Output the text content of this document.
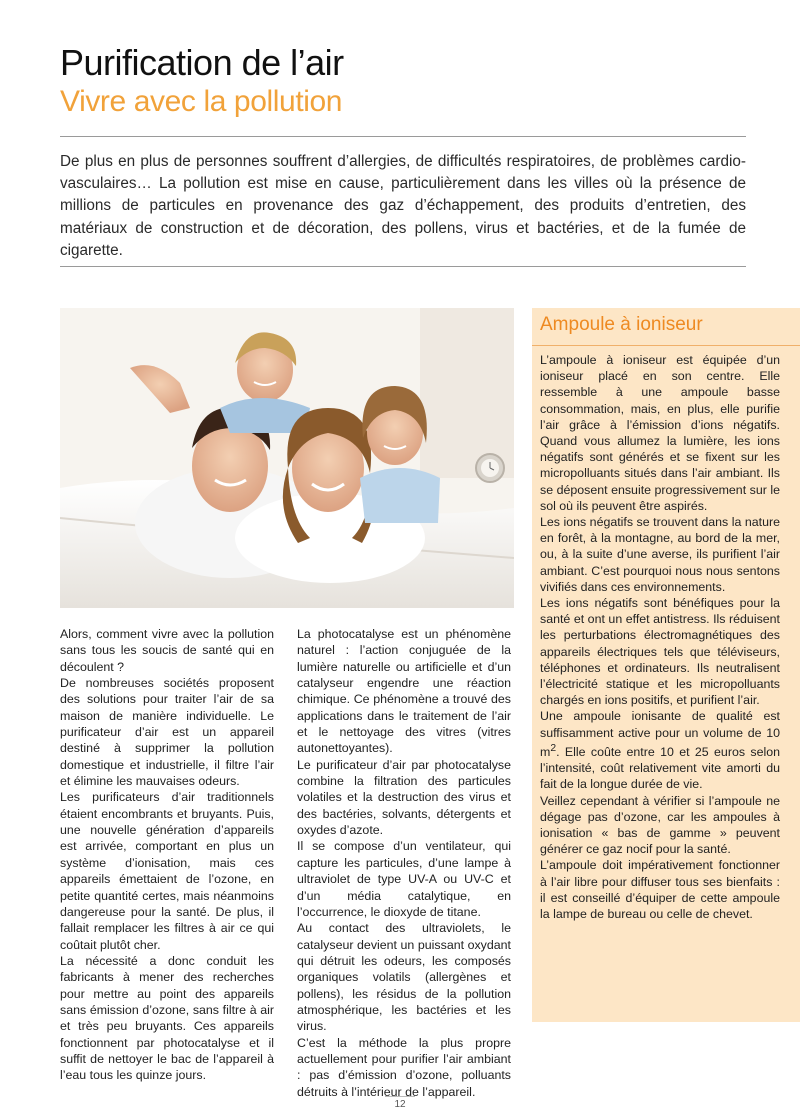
Purification de l’air
Vivre avec la pollution

De plus en plus de personnes souffrent d’allergies, de difficultés respiratoires, de problèmes cardio-vasculaires… La pollution est mise en cause, particulièrement dans les villes où la présence de millions de particules en provenance des gaz d’échappement, des produits d’entretien, des matériaux de construction et de décoration, des pollens, virus et bactéries, et de la fumée de cigarette.

Alors, comment vivre avec la pollution sans tous les soucis de santé qui en découlent ?

De nombreuses sociétés proposent des solutions pour traiter l’air de sa maison de manière individuelle. Le purificateur d’air est un appareil destiné à supprimer la pollution domestique et industrielle, il filtre l’air et élimine les mauvaises odeurs.

Les purificateurs d’air traditionnels étaient encombrants et bruyants. Puis, une nouvelle génération d’appareils est arrivée, comportant en plus un système d’ionisation, mais ces appareils émettaient de l’ozone, en petite quantité certes, mais néanmoins dangereuse pour la santé. De plus, il fallait remplacer les filtres à air ce qui coûtait plutôt cher.

La nécessité a donc conduit les fabricants à mener des recherches pour mettre au point des appareils sans émission d’ozone, sans filtre à air et très peu bruyants. Ces appareils fonctionnent par photocatalyse et il suffit de nettoyer le bac de l’appareil à l’eau tous les quinze jours.

La photocatalyse est un phénomène naturel : l’action conjuguée de la lumière naturelle ou artificielle et d’un catalyseur engendre une réaction chimique. Ce phénomène a trouvé des applications dans le traitement de l’air et le nettoyage des vitres (vitres autonettoyantes).

Le purificateur d’air par photocatalyse combine la filtration des particules volatiles et la destruction des virus et des bactéries, solvants, détergents et oxydes d’azote.

Il se compose d’un ventilateur, qui capture les particules, d’une lampe à ultraviolet de type UV-A ou UV-C et d’un média catalytique, en l’occurrence, le dioxyde de titane.

Au contact des ultraviolets, le catalyseur devient un puissant oxydant qui détruit les odeurs, les composés organiques volatils (allergènes et pollens), les résidus de la pollution atmosphérique, les bactéries et les virus.

C’est la méthode la plus propre actuellement pour purifier l’air ambiant : pas d’émission d’ozone, polluants détruits à l’intérieur de l’appareil.

Ampoule à ioniseur

L’ampoule à ioniseur est équipée d’un ioniseur placé en son centre. Elle ressemble à une ampoule basse consommation, mais, en plus, elle purifie l’air grâce à l’émission d’ions négatifs. Quand vous allumez la lumière, les ions négatifs sont générés et se fixent sur les micropolluants situés dans l’air ambiant. Ils se déposent ensuite progressivement sur le sol où ils peuvent être aspirés.

Les ions négatifs se trouvent dans la nature en forêt, à la montagne, au bord de la mer, ou, à la suite d’une averse, ils purifient l’air ambiant. C’est pourquoi nous nous sentons vivifiés dans ces environnements.

Les ions négatifs sont bénéfiques pour la santé et ont un effet antistress. Ils réduisent les perturbations électromagnétiques des appareils électriques tels que téléviseurs, téléphones et ordinateurs. Ils neutralisent l’électricité statique et les micropolluants chargés en ions positifs, et purifient l’air.

Une ampoule ionisante de qualité est suffisamment active pour un volume de 10 $m^2$. Elle coûte entre 10 et 25 euros selon l’intensité, coût relativement vite amorti du fait de la longue durée de vie.

Veillez cependant à vérifier si l’ampoule ne dégage pas d’ozone, car les ampoules à ionisation « bas de gamme » peuvent générer ce gaz nocif pour la santé.

L’ampoule doit impérativement fonctionner à l’air libre pour diffuser tous ses bienfaits : il est conseillé d’équiper de cette ampoule la lampe de bureau ou celle de chevet.

12
